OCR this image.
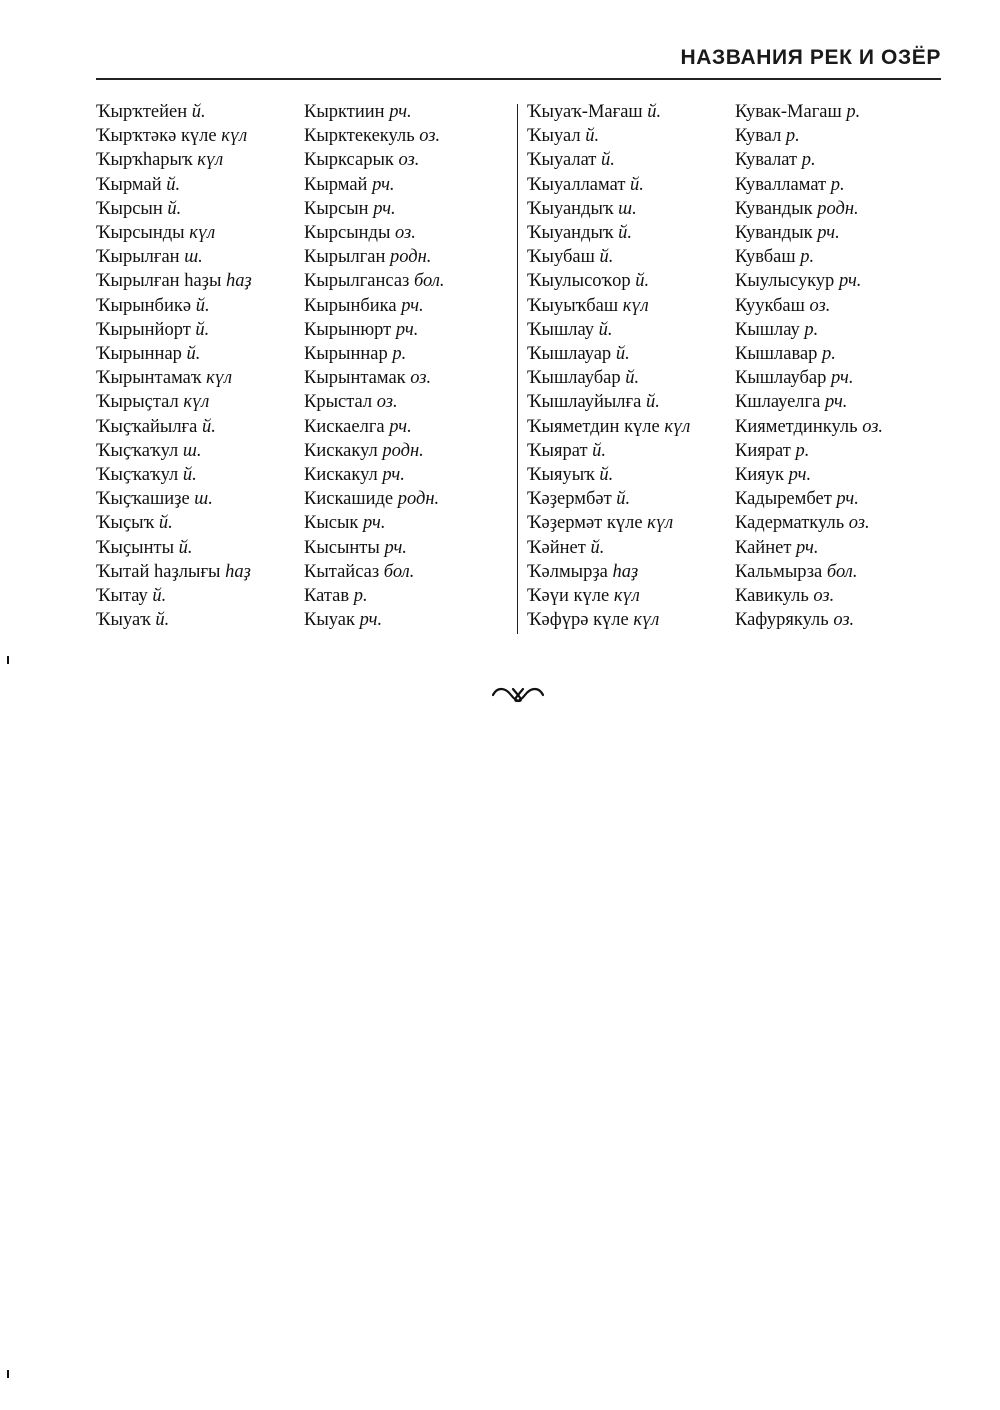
НАЗВАНИЯ РЕК И ОЗЁР
Ҡырҡтейен й.
Ҡырҡтәкә күле күл
Ҡырҡһарыҡ күл
Ҡырмай й.
Ҡырсын й.
Ҡырсынды күл
Ҡырылған ш.
Ҡырылған һаҙы һаҙ
Ҡырынбикә й.
Ҡырынйорт й.
Ҡырыннар й.
Ҡырынтамаҡ күл
Ҡырыҫтал күл
Ҡыҫҡайылға й.
Ҡыҫҡаҡул ш.
Ҡыҫҡаҡул й.
Ҡыҫҡашиҙе ш.
Ҡыҫыҡ й.
Ҡыҫынты й.
Ҡытай һаҙлығы һаҙ
Ҡытау й.
Ҡыуаҡ й.
Кырктиин рч.
Кырктекекуль оз.
Кырксарык оз.
Кырмай рч.
Кырсын рч.
Кырсынды оз.
Кырылган родн.
Кырылгансаз бол.
Кырынбика рч.
Кырынюрт рч.
Кырыннар р.
Кырынтамак оз.
Крыстал оз.
Кискаелга рч.
Кискакул родн.
Кискакул рч.
Кискашиде родн.
Кысык рч.
Кысынты рч.
Кытайсаз бол.
Катав р.
Кыуак рч.
Ҡыуаҡ-Мағаш й.
Ҡыуал й.
Ҡыуалат й.
Ҡыуалламат й.
Ҡыуандыҡ ш.
Ҡыуандыҡ й.
Ҡыубаш й.
Ҡыулысоҡор й.
Ҡыуыҡбаш күл
Ҡышлау й.
Ҡышлауар й.
Ҡышлаубар й.
Ҡышлауйылға й.
Ҡыяметдин күле күл
Ҡыярат й.
Ҡыяуыҡ й.
Ҡәҙермбәт й.
Ҡәҙермәт күле күл
Ҡәйнет й.
Ҡәлмырҙа һаҙ
Ҡәүи күле күл
Ҡәфүрә күле күл
Кувак-Магаш р.
Кувал р.
Кувалат р.
Кувалламат р.
Кувандык родн.
Кувандык рч.
Кувбаш р.
Кыулысукур рч.
Куукбаш оз.
Кышлау р.
Кышлавар р.
Кышлаубар рч.
Кшлауелга рч.
Кияметдинкуль оз.
Киярат р.
Кияук рч.
Кадырембет рч.
Кадерматкуль оз.
Кайнет рч.
Кальмырза бол.
Кавикуль оз.
Кафурякуль оз.
